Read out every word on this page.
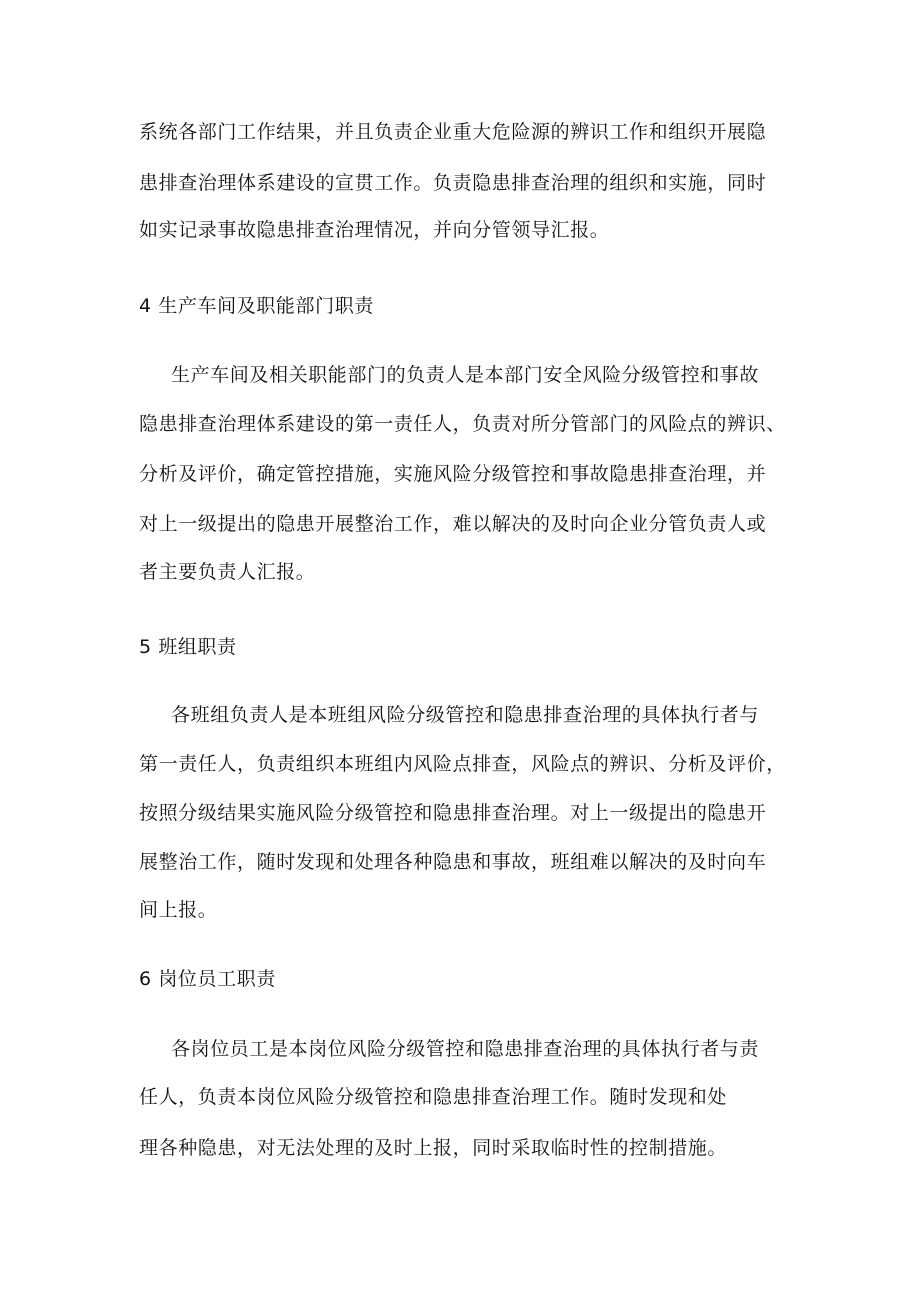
系统各部门工作结果，并且负责企业重大危险源的辨识工作和组织开展隐
患排查治理体系建设的宣贯工作。负责隐患排查治理的组织和实施，同时
如实记录事故隐患排查治理情况，并向分管领导汇报。
4 生产车间及职能部门职责
生产车间及相关职能部门的负责人是本部门安全风险分级管控和事故
隐患排查治理体系建设的第一责任人，负责对所分管部门的风险点的辨识、
分析及评价，确定管控措施，实施风险分级管控和事故隐患排查治理，并
对上一级提出的隐患开展整治工作，难以解决的及时向企业分管负责人或
者主要负责人汇报。
5 班组职责
各班组负责人是本班组风险分级管控和隐患排查治理的具体执行者与
第一责任人，负责组织本班组内风险点排查，风险点的辨识、分析及评价，
按照分级结果实施风险分级管控和隐患排查治理。对上一级提出的隐患开
展整治工作，随时发现和处理各种隐患和事故，班组难以解决的及时向车
间上报。
6 岗位员工职责
各岗位员工是本岗位风险分级管控和隐患排查治理的具体执行者与责
任人，负责本岗位风险分级管控和隐患排查治理工作。随时发现和处
理各种隐患，对无法处理的及时上报，同时采取临时性的控制措施。
